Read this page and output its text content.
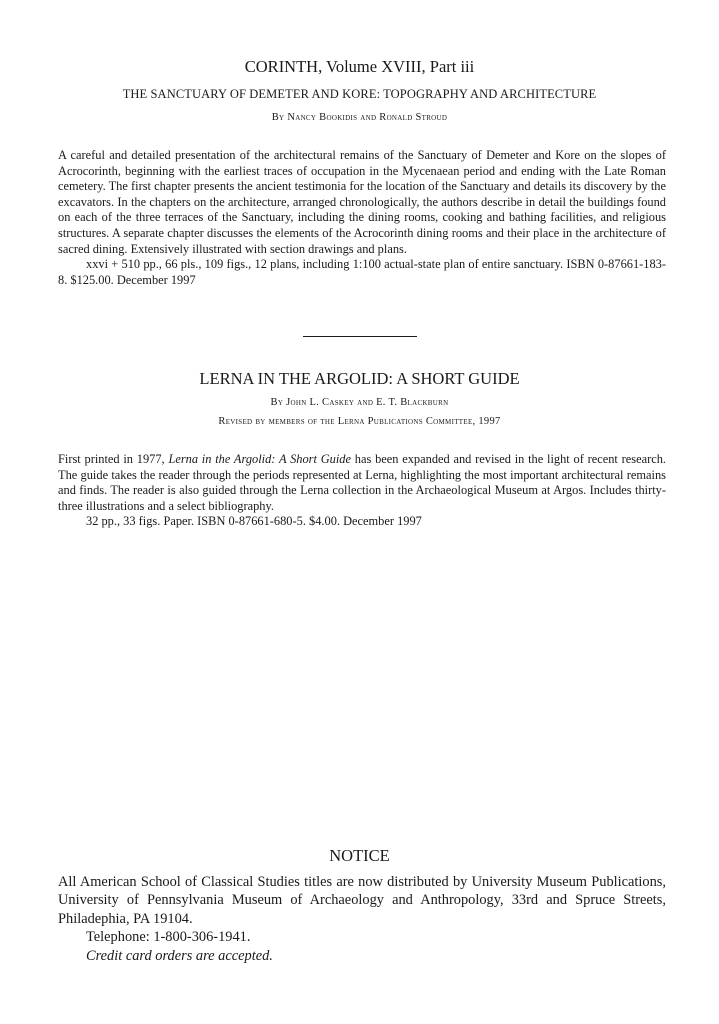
CORINTH, Volume XVIII, Part iii
THE SANCTUARY OF DEMETER AND KORE: TOPOGRAPHY AND ARCHITECTURE
By Nancy Bookidis and Ronald Stroud

A careful and detailed presentation of the architectural remains of the Sanctuary of Demeter and Kore on the slopes of Acrocorinth, beginning with the earliest traces of occupation in the Mycenaean period and ending with the Late Roman cemetery. The first chapter presents the ancient testimonia for the location of the Sanctuary and details its discovery by the excavators. In the chapters on the architecture, arranged chronologically, the authors describe in detail the buildings found on each of the three terraces of the Sanctuary, including the dining rooms, cooking and bathing facilities, and religious structures. A separate chapter discusses the elements of the Acrocorinth dining rooms and their place in the architecture of sacred dining. Extensively illustrated with section drawings and plans.

xxvi + 510 pp., 66 pls., 109 figs., 12 plans, including 1:100 actual-state plan of entire sanctuary. ISBN 0-87661-183-8. $125.00. December 1997

LERNA IN THE ARGOLID: A SHORT GUIDE
By John L. Caskey and E. T. Blackburn
Revised by members of the Lerna Publications Committee, 1997

First printed in 1977, Lerna in the Argolid: A Short Guide has been expanded and revised in the light of recent research. The guide takes the reader through the periods represented at Lerna, highlighting the most important architectural remains and finds. The reader is also guided through the Lerna collection in the Archaeological Museum at Argos. Includes thirty-three illustrations and a select bibliography.

32 pp., 33 figs. Paper. ISBN 0-87661-680-5. $4.00. December 1997

NOTICE

All American School of Classical Studies titles are now distributed by University Museum Publications, University of Pennsylvania Museum of Archaeology and Anthropology, 33rd and Spruce Streets, Philadephia, PA 19104.

Telephone: 1-800-306-1941.

Credit card orders are accepted.
